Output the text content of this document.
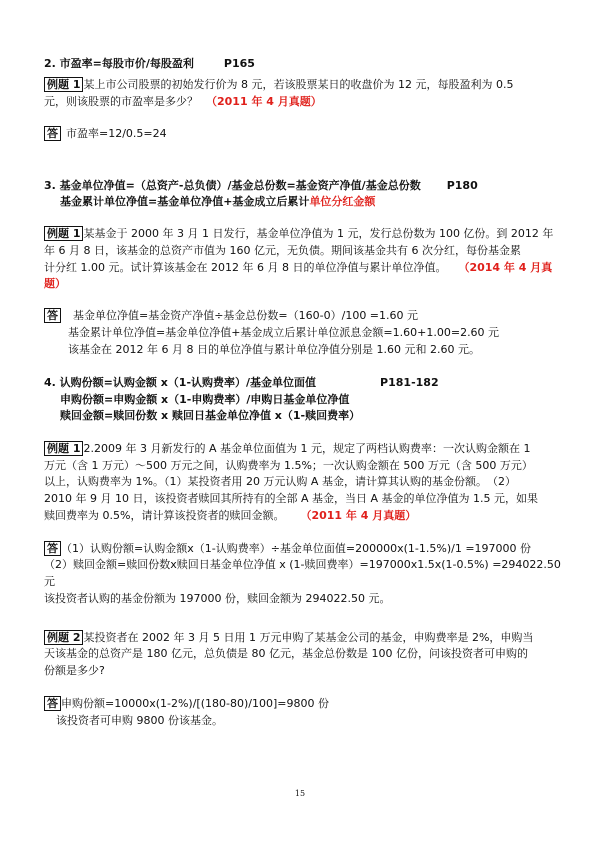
2. 市盈率=每股市价/每股盈利	P165
例题 1 某上市公司股票的初始发行价为 8 元，若该股票某日的收盘价为 12 元，每股盈利为 0.5
元，则该股票的市盈率是多少？ （2011 年 4 月真题）
答 市盈率=12/0.5=24
3. 基金单位净值=（总资产-总负债）/基金总份数=基金资产净值/基金总份数 P180
基金累计单位净值=基金单位净值+基金成立后累计单位分红金额
例题 1 某基金于 2000 年 3 月 1 日发行，基金单位净值为 1 元，发行总份数为 100 亿份。到 2012 年
年 6 月 8 日，该基金的总资产市值为 160 亿元，无负债。期间该基金共有 6 次分红，每份基金累
计分红 1.00 元。试计算该基金在 2012 年 6 月 8 日的单位净值与累计单位净值。 （2014 年 4 月真
题）
答 基金单位净值=基金资产净值÷基金总份数=（160-0）/100 =1.60 元
基金累计单位净值=基金单位净值+基金成立后累计单位派息金额=1.60+1.00=2.60 元
该基金在 2012 年 6 月 8 日的单位净值与累计单位净值分别是 1.60 元和 2.60 元。
4. 认购份额=认购金额 x（1-认购费率）/基金单位面值	P181-182
申购份额=申购金额 x（1-申购费率）/申购日基金单位净值
赎回金额=赎回份数 x 赎回日基金单位净值 x（1-赎回费率）
例题 1 2.2009 年 3 月新发行的 A 基金单位面值为 1 元，规定了两档认购费率：一次认购金额在 1
万元（含 1 万元）～500 万元之间，认购费率为 1.5%；一次认购金额在 500 万元（含 500 万元）
以上，认购费率为 1%。（1）某投资者用 20 万元认购 A 基金，请计算其认购的基金份额。　（2）
2010 年 9 月 10 日，该投资者赎回其所持有的全部 A 基金，当日 A 基金的单位净值为 1.5 元，如果
赎回费率为 0.5%，请计算该投资者的赎回金额。 （2011 年 4 月真题）
答 （1）认购份额=认购金额x（1-认购费率）÷基金单位面值=200000x(1-1.5%)/1 =197000 份
（2）赎回金额=赎回份数x赎回日基金单位净值 x (1-赎回费率）=197000x1.5x(1-0.5%) =294022.50
元
该投资者认购的基金份额为 197000 份，赎回金额为 294022.50 元。
例题 2 某投资者在 2002 年 3 月 5 日用 1 万元申购了某基金公司的基金，申购费率是 2%，申购当
天该基金的总资产是 180 亿元，总负债是 80 亿元，基金总份数是 100 亿份，问该投资者可申购的
份额是多少?
答 申购份额=10000x(1-2%)/[(180-80)/100]=9800 份
该投资者可申购 9800 份该基金。
15
